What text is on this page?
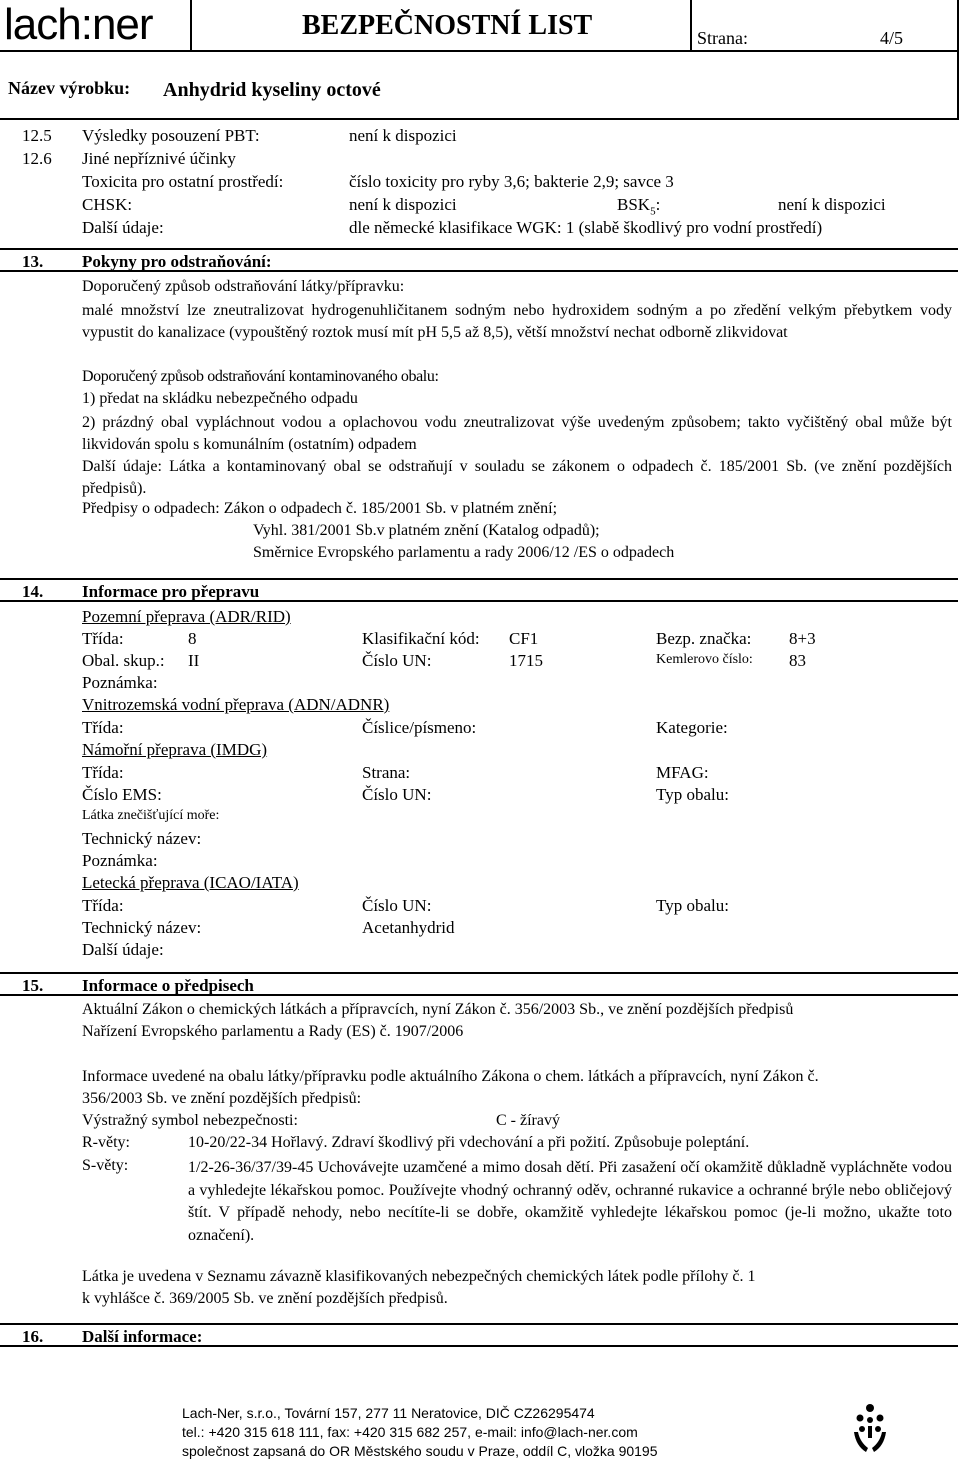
lach:ner	BEZPEČNOSTNÍ LIST	Strana:	4/5
Název výrobku: Anhydrid kyseliny octové
12.5 Výsledky posouzení PBT:	není k dispozici
12.6 Jiné nepříznivé účinky
Toxicita pro ostatní prostředí:	číslo toxicity pro ryby 3,6; bakterie 2,9; savce 3
CHSK:	není k dispozici	$BSK_5$:	není k dispozici
Další údaje:	dle německé klasifikace WGK: 1 (slabě škodlivý pro vodní prostředí)
13. Pokyny pro odstraňování:
Doporučený způsob odstraňování látky/přípravku:
malé množství lze zneutralizovat hydrogenuhličitanem sodným nebo hydroxidem sodným a po zředění velkým přebytkem vody vypustit do kanalizace (vypouštěný roztok musí mít pH 5,5 až 8,5), větší množství nechat odborně zlikvidovat
Doporučený způsob odstraňování kontaminovaného obalu:
1) předat na skládku nebezpečného odpadu
2) prázdný obal vypláchnout vodou a oplachovou vodu zneutralizovat výše uvedeným způsobem; takto vyčištěný obal může být likvidován spolu s komunálním (ostatním) odpadem
Další údaje: Látka a kontaminovaný obal se odstraňují v souladu se zákonem o odpadech č. 185/2001 Sb. (ve znění pozdějších předpisů).
Předpisy o odpadech: Zákon o odpadech č. 185/2001 Sb. v platném znění;
Vyhl. 381/2001 Sb.v platném znění (Katalog odpadů);
Směrnice Evropského parlamentu a rady 2006/12 /ES o odpadech
14. Informace pro přepravu
Pozemní přeprava (ADR/RID)
Třída:	8	Klasifikační kód: CF1	Bezp. značka: 8+3
Obal. skup.: II	Číslo UN:	1715	Kemlerovo číslo: 83
Poznámka:
Vnitrozemská vodní přeprava (ADN/ADNR)
Třída:	Číslice/písmeno:	Kategorie:
Námořní přeprava (IMDG)
Třída:	Strana:	MFAG:
Číslo EMS:	Číslo UN:	Typ obalu:
Látka znečišťující moře:
Technický název:
Poznámka:
Letecká přeprava (ICAO/IATA)
Třída:	Číslo UN:	Typ obalu:
Technický název:	Acetanhydrid
Další údaje:
15. Informace o předpisech
Aktuální Zákon o chemických látkách a přípravcích, nyní Zákon č. 356/2003 Sb., ve znění pozdějších předpisů
Nařízení Evropského parlamentu a Rady (ES) č. 1907/2006
Informace uvedené na obalu látky/přípravku podle aktuálního Zákona o chem. látkách a přípravcích, nyní Zákon č.
356/2003 Sb. ve znění pozdějších předpisů:
Výstražný symbol nebezpečnosti:	C - žíravý
R-věty:	10-20/22-34 Hořlavý. Zdraví škodlivý při vdechování a při požití. Způsobuje poleptání.
S-věty:	1/2-26-36/37/39-45 Uchovávejte uzamčené a mimo dosah dětí. Při zasažení očí okamžitě důkladně vypláchněte vodou a vyhledejte lékařskou pomoc. Používejte vhodný ochranný oděv, ochranné rukavice a ochranné brýle nebo obličejový štít. V případě nehody, nebo necítíte-li se dobře, okamžitě vyhledejte lékařskou pomoc (je-li možno, ukažte toto označení).
Látka je uvedena v Seznamu závazně klasifikovaných nebezpečných chemických látek podle přílohy č. 1
k vyhlášce č. 369/2005 Sb. ve znění pozdějších předpisů.
16. Další informace:
Lach-Ner, s.r.o., Tovární 157, 277 11 Neratovice, DIČ CZ26295474
tel.: +420 315 618 111, fax: +420 315 682 257, e-mail: info@lach-ner.com
společnost zapsaná do OR Městského soudu v Praze, oddíl C, vložka 90195
